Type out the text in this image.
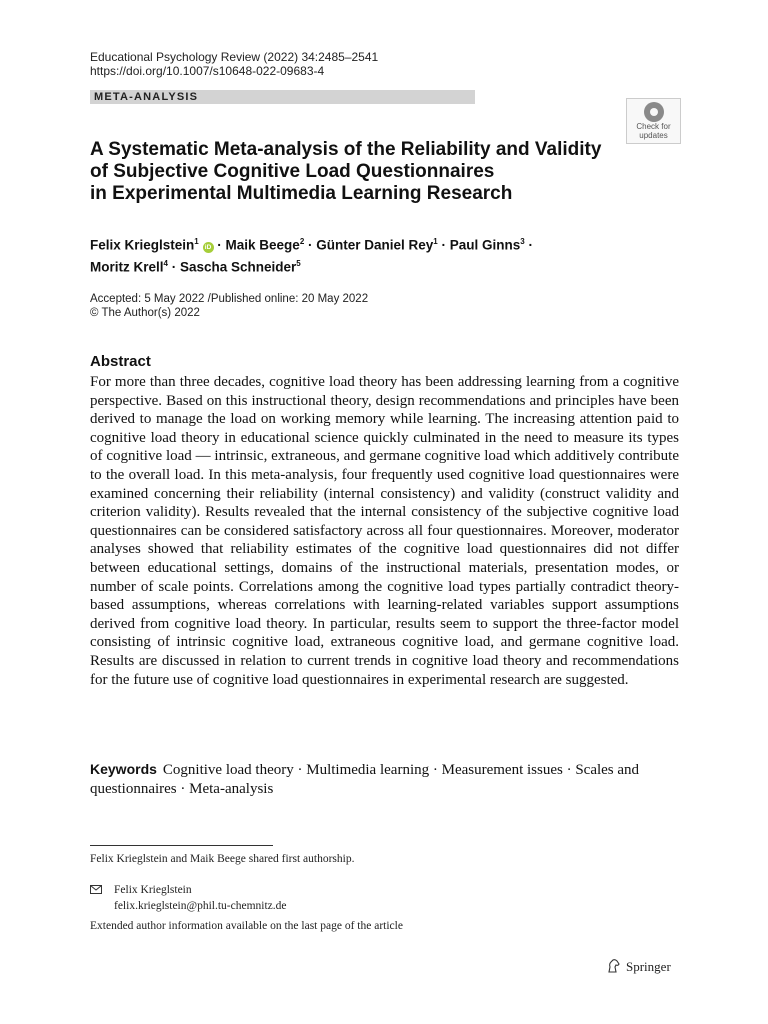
Educational Psychology Review (2022) 34:2485–2541
https://doi.org/10.1007/s10648-022-09683-4
META-ANALYSIS
Check for
updates
A Systematic Meta-analysis of the Reliability and Validity
of Subjective Cognitive Load Questionnaires
in Experimental Multimedia Learning Research
Felix Krieglstein$^1$ iD · Maik Beege$^2$ · Günter Daniel Rey$^1$ · Paul Ginns$^3$ ·
Moritz Krell$^4$ · Sascha Schneider$^5$
Accepted: 5 May 2022 /Published online: 20 May 2022
© The Author(s) 2022
Abstract
For more than three decades, cognitive load theory has been addressing learning from a cognitive perspective. Based on this instructional theory, design recommendations and principles have been derived to manage the load on working memory while learning. The increasing attention paid to cognitive load theory in educational science quickly culminated in the need to measure its types of cognitive load — intrinsic, extraneous, and germane cognitive load which additively contribute to the overall load. In this meta-analysis, four frequently used cognitive load questionnaires were examined concerning their reliability (internal consistency) and validity (construct validity and criterion validity). Results revealed that the internal consistency of the subjective cognitive load questionnaires can be considered satisfactory across all four questionnaires. Moreover, moderator analyses showed that reliability estimates of the cognitive load questionnaires did not differ between educational settings, domains of the instructional materials, presentation modes, or number of scale points. Correlations among the cognitive load types partially contradict theory-based assumptions, whereas correlations with learning-related variables support assumptions derived from cognitive load theory. In particular, results seem to support the three-factor model consisting of intrinsic cognitive load, extraneous cognitive load, and germane cognitive load. Results are discussed in relation to current trends in cognitive load theory and recommendations for the future use of cognitive load questionnaires in experimental research are suggested.
Keywords Cognitive load theory · Multimedia learning · Measurement issues · Scales and questionnaires · Meta-analysis
Felix Krieglstein and Maik Beege shared first authorship.
Felix Krieglstein
felix.krieglstein@phil.tu-chemnitz.de
Extended author information available on the last page of the article
Springer
